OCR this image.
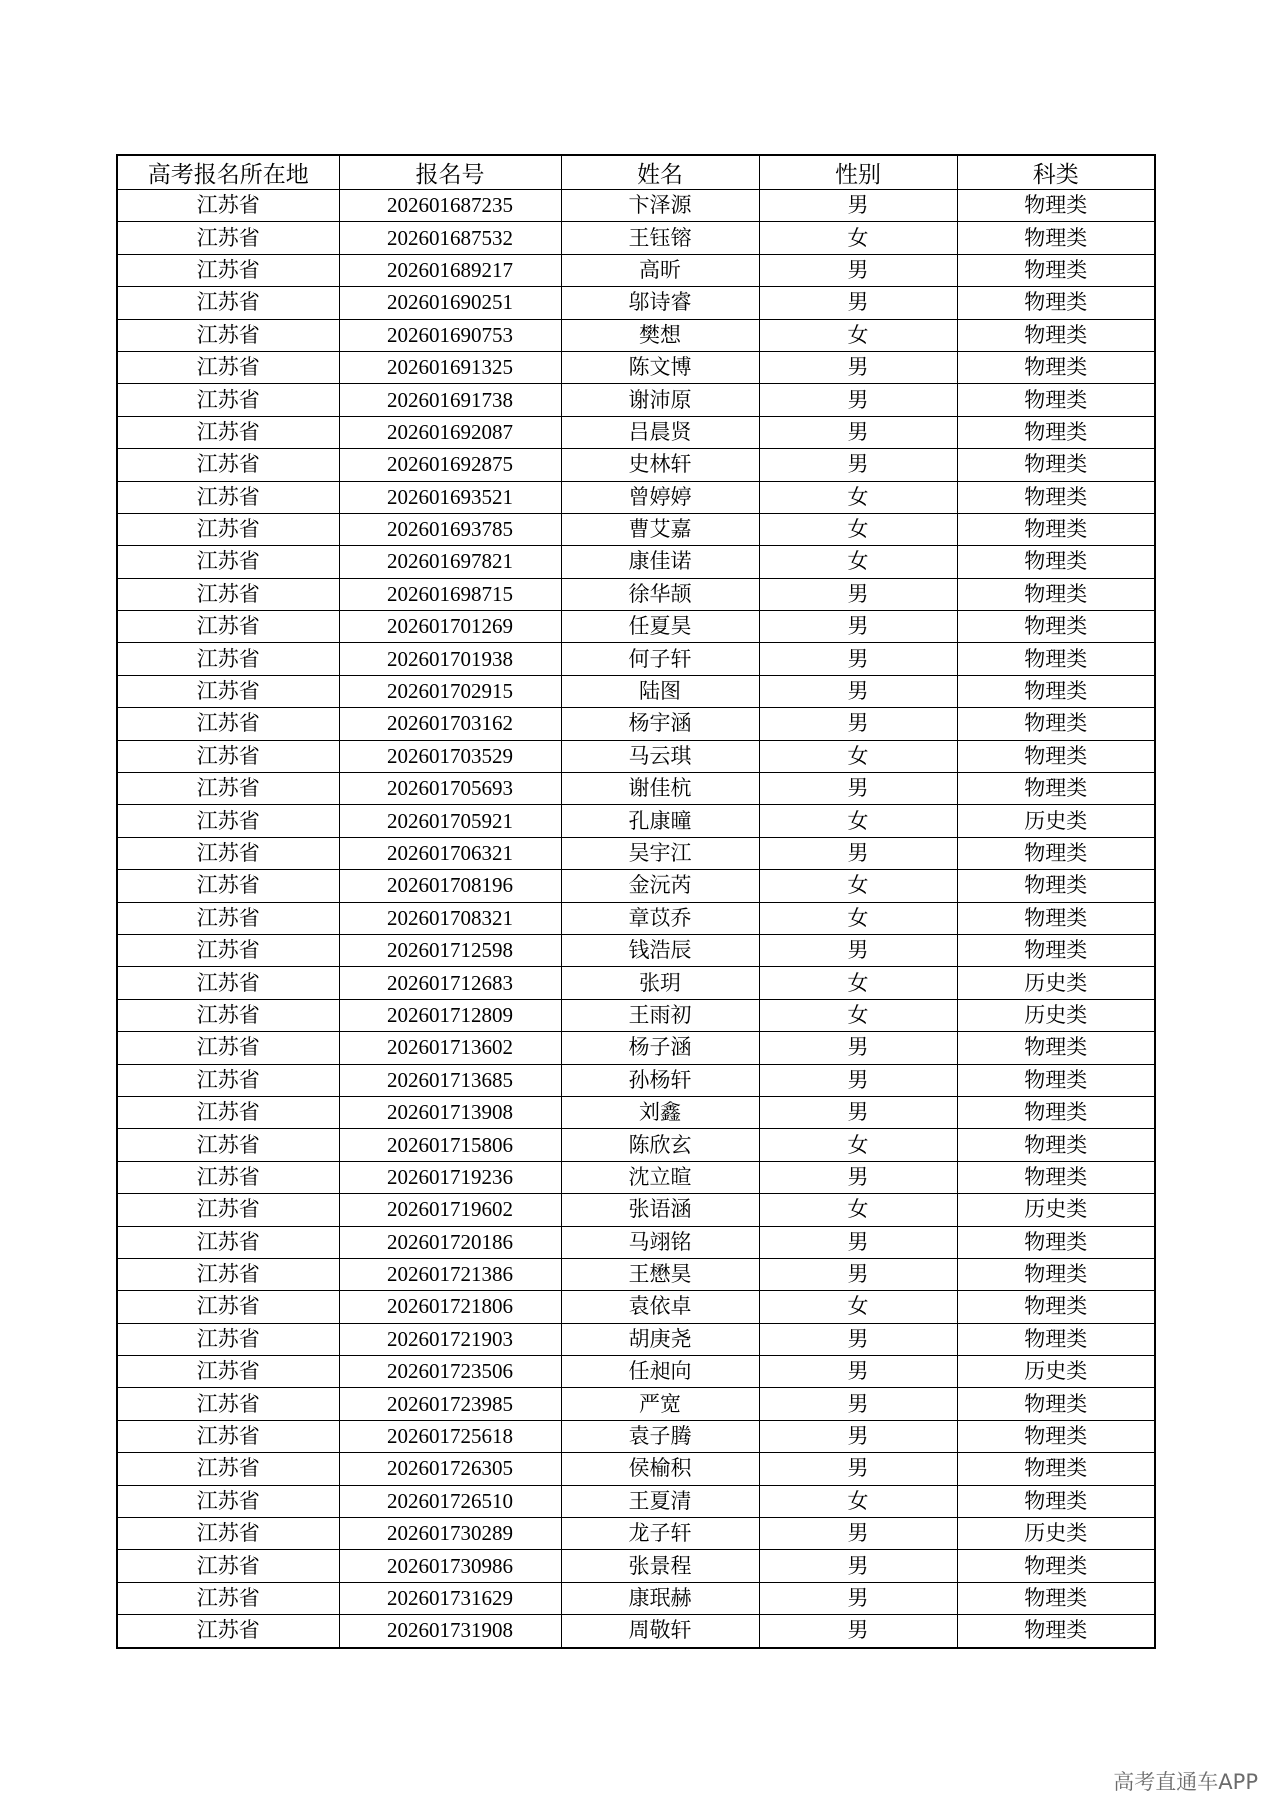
高考报名所在地	报名号	姓名	性别	科类
江苏省	202601687235	卞泽源	男	物理类
江苏省	202601687532	王钰镕	女	物理类
江苏省	202601689217	高昕	男	物理类
江苏省	202601690251	邬诗睿	男	物理类
江苏省	202601690753	樊想	女	物理类
江苏省	202601691325	陈文博	男	物理类
江苏省	202601691738	谢沛原	男	物理类
江苏省	202601692087	吕晨贤	男	物理类
江苏省	202601692875	史林轩	男	物理类
江苏省	202601693521	曾婷婷	女	物理类
江苏省	202601693785	曹艾嘉	女	物理类
江苏省	202601697821	康佳诺	女	物理类
江苏省	202601698715	徐华颉	男	物理类
江苏省	202601701269	任夏昊	男	物理类
江苏省	202601701938	何子轩	男	物理类
江苏省	202601702915	陆图	男	物理类
江苏省	202601703162	杨宇涵	男	物理类
江苏省	202601703529	马云琪	女	物理类
江苏省	202601705693	谢佳杭	男	物理类
江苏省	202601705921	孔康曈	女	历史类
江苏省	202601706321	吴宇江	男	物理类
江苏省	202601708196	金沅芮	女	物理类
江苏省	202601708321	章苡乔	女	物理类
江苏省	202601712598	钱浩辰	男	物理类
江苏省	202601712683	张玥	女	历史类
江苏省	202601712809	王雨初	女	历史类
江苏省	202601713602	杨子涵	男	物理类
江苏省	202601713685	孙杨轩	男	物理类
江苏省	202601713908	刘鑫	男	物理类
江苏省	202601715806	陈欣玄	女	物理类
江苏省	202601719236	沈立暄	男	物理类
江苏省	202601719602	张语涵	女	历史类
江苏省	202601720186	马翊铭	男	物理类
江苏省	202601721386	王懋昊	男	物理类
江苏省	202601721806	袁依卓	女	物理类
江苏省	202601721903	胡庚尧	男	物理类
江苏省	202601723506	任昶向	男	历史类
江苏省	202601723985	严宽	男	物理类
江苏省	202601725618	袁子腾	男	物理类
江苏省	202601726305	侯榆积	男	物理类
江苏省	202601726510	王夏清	女	物理类
江苏省	202601730289	龙子轩	男	历史类
江苏省	202601730986	张景程	男	物理类
江苏省	202601731629	康珉赫	男	物理类
江苏省	202601731908	周敬轩	男	物理类
高考直通车APP
